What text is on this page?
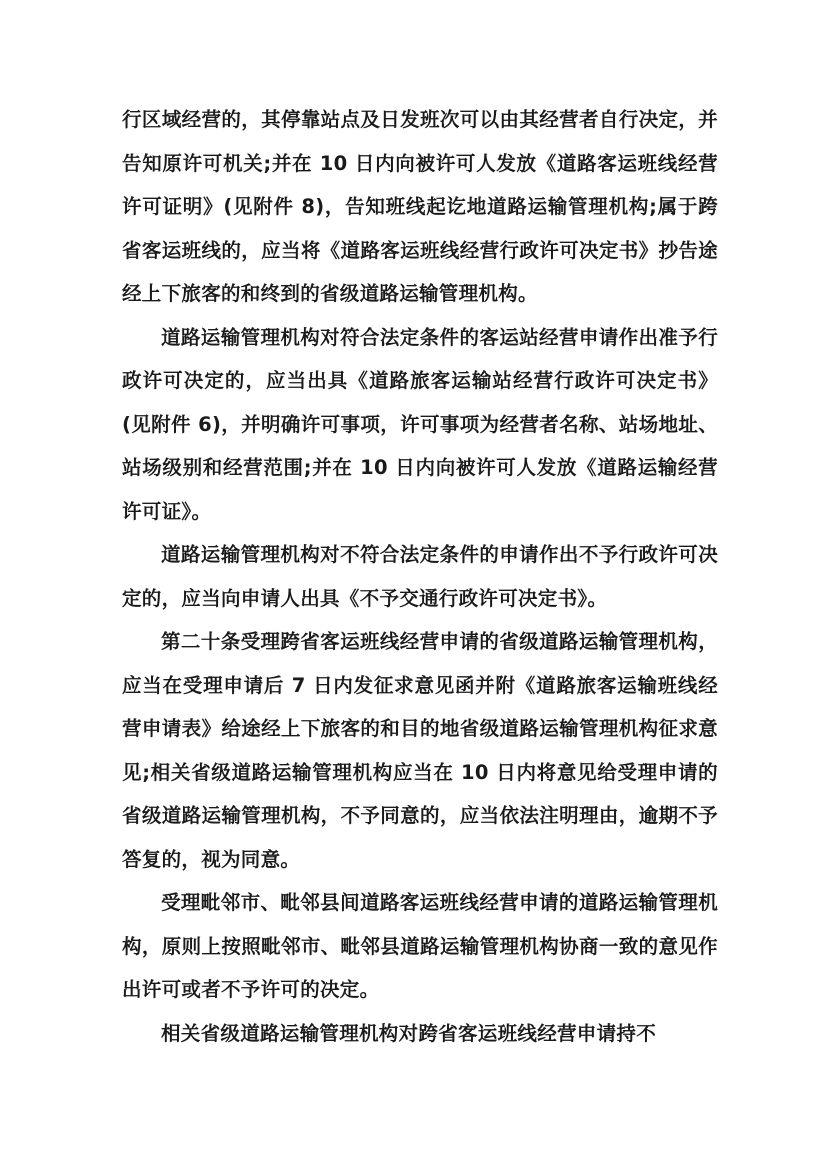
行区域经营的，其停靠站点及日发班次可以由其经营者自行决定，并告知原许可机关;并在 10 日内向被许可人发放《道路客运班线经营许可证明》(见附件 8)，告知班线起讫地道路运输管理机构;属于跨省客运班线的，应当将《道路客运班线经营行政许可决定书》抄告途经上下旅客的和终到的省级道路运输管理机构。

道路运输管理机构对符合法定条件的客运站经营申请作出准予行政许可决定的，应当出具《道路旅客运输站经营行政许可决定书》(见附件 6)，并明确许可事项，许可事项为经营者名称、站场地址、站场级别和经营范围;并在 10 日内向被许可人发放《道路运输经营许可证》。

道路运输管理机构对不符合法定条件的申请作出不予行政许可决定的，应当向申请人出具《不予交通行政许可决定书》。

第二十条受理跨省客运班线经营申请的省级道路运输管理机构，应当在受理申请后 7 日内发征求意见函并附《道路旅客运输班线经营申请表》给途经上下旅客的和目的地省级道路运输管理机构征求意见;相关省级道路运输管理机构应当在 10 日内将意见给受理申请的省级道路运输管理机构，不予同意的，应当依法注明理由，逾期不予答复的，视为同意。

受理毗邻市、毗邻县间道路客运班线经营申请的道路运输管理机构，原则上按照毗邻市、毗邻县道路运输管理机构协商一致的意见作出许可或者不予许可的决定。

相关省级道路运输管理机构对跨省客运班线经营申请持不
